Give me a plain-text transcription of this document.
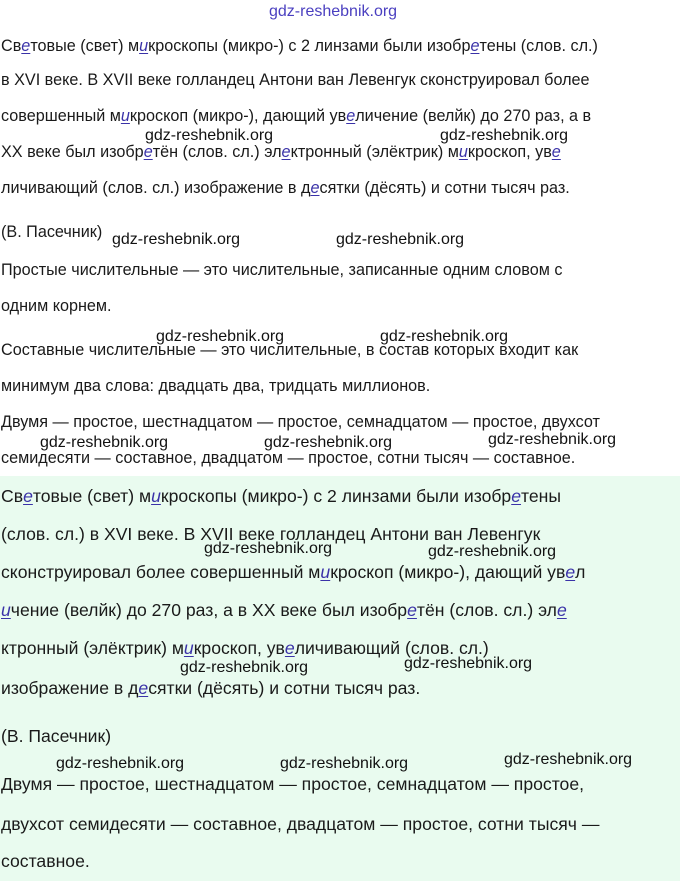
Световые (свет) микроскопы (микро-) с 2 линзами были изобретены (слов. сл.)
в XVI веке. В XVII веке голландец Антони ван Левенгук сконструировал более
совершенный микроскоп (микро-), дающий увеличение (велйк) до 270 раз, а в
XX веке был изобретён (слов. сл.) электронный (элёктрик) микроскоп, уве
личивающий (слов. сл.) изображение в десятки (дёсять) и сотни тысяч раз.
(В. Пасечник)
Простые числительные — это числительные, записанные одним словом с
одним корнем.
Составные числительные — это числительные, в состав которых входит как
минимум два слова: двадцать два, тридцать миллионов.
Двумя — простое, шестнадцатом — простое, семнадцатом — простое, двухсот
семидесяти — составное, двадцатом — простое, сотни тысяч — составное.
Световые (свет) микроскопы (микро-) с 2 линзами были изобретены
(слов. сл.) в XVI веке. В XVII веке голландец Антони ван Левенгук
сконструировал более совершенный микроскоп (микро-), дающий увел
ичение (велйк) до 270 раз, а в XX веке был изобретён (слов. сл.) эле
ктронный (элёктрик) микроскоп, увеличивающий (слов. сл.)
изображение в десятки (дёсять) и сотни тысяч раз.
(В. Пасечник)
Двумя — простое, шестнадцатом — простое, семнадцатом — простое,
двухсот семидесяти — составное, двадцатом — простое, сотни тысяч —
составное.
gdz-reshebnik.org
gdz-reshebnik.org	gdz-reshebnik.org
gdz-reshebnik.org	gdz-reshebnik.org
gdz-reshebnik.org	gdz-reshebnik.org
gdz-reshebnik.org	gdz-reshebnik.org	gdz-reshebnik.org
gdz-reshebnik.org	gdz-reshebnik.org
gdz-reshebnik.org	gdz-reshebnik.org
gdz-reshebnik.org	gdz-reshebnik.org	gdz-reshebnik.org
